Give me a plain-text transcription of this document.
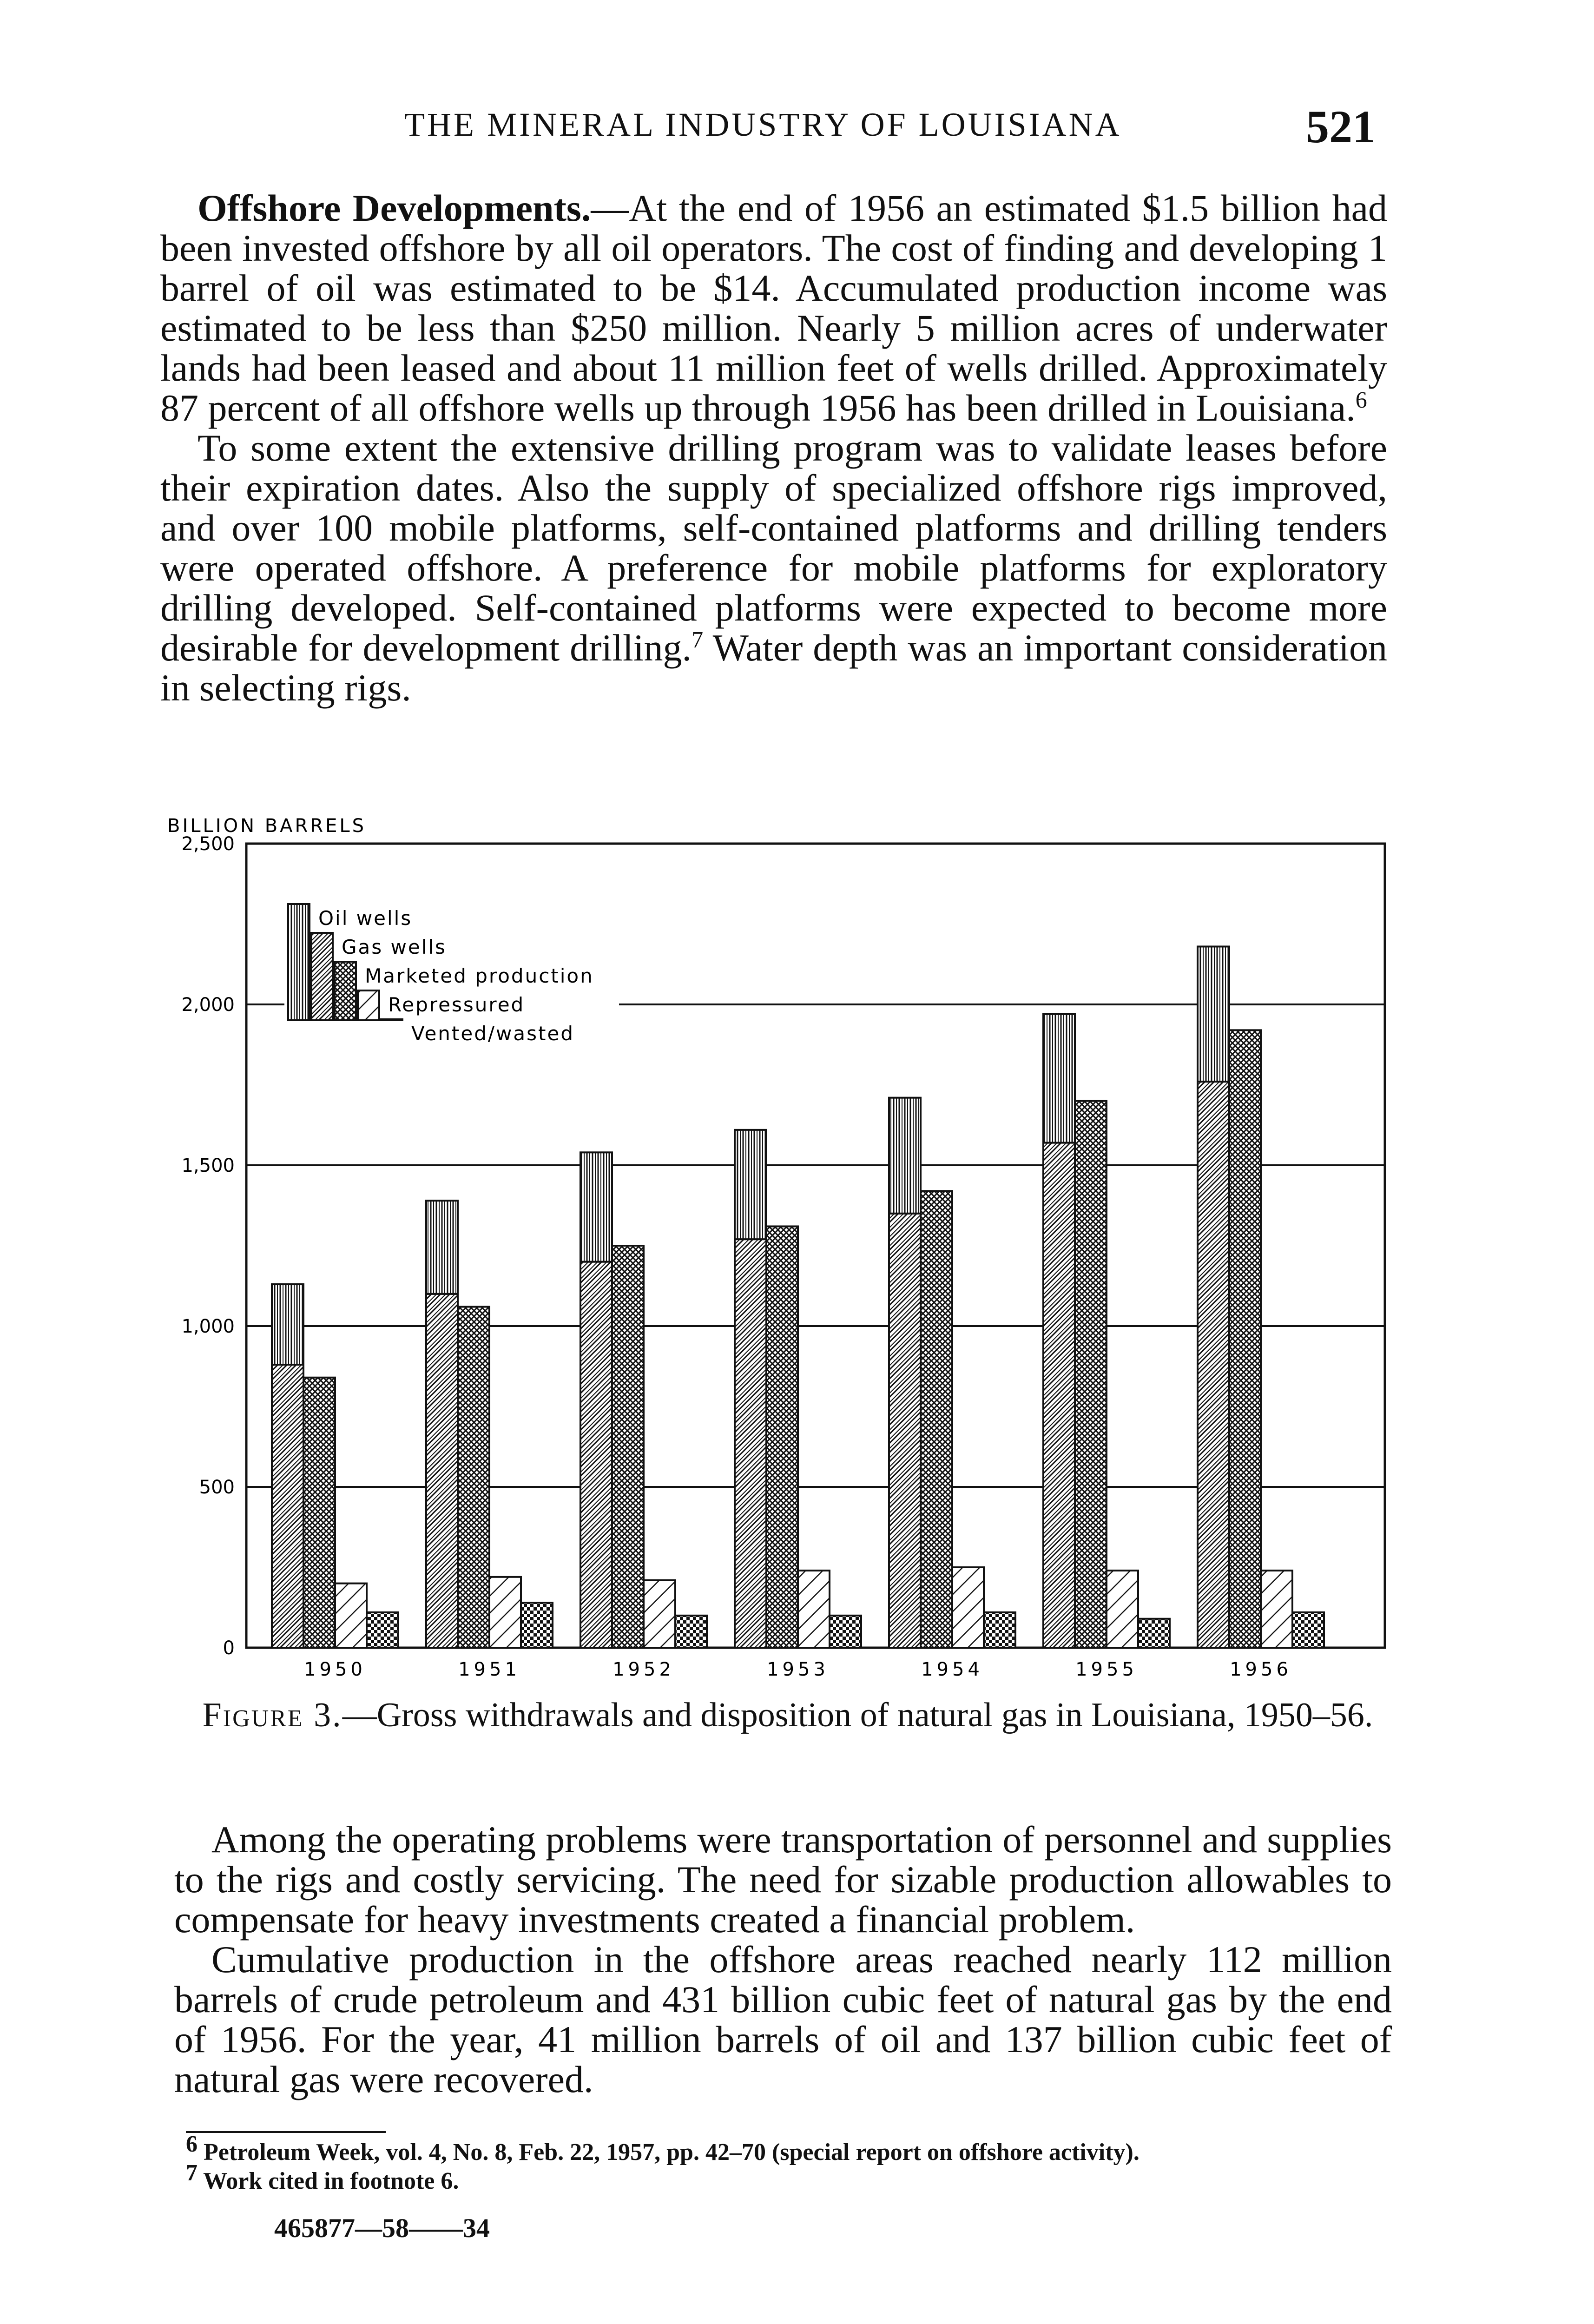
THE MINERAL INDUSTRY OF LOUISIANA	521

Offshore Developments.—At the end of 1956 an estimated $1.5 billion had been invested offshore by all oil operators. The cost of finding and developing 1 barrel of oil was estimated to be $14. Accumulated production income was estimated to be less than $250 million. Nearly 5 million acres of underwater lands had been leased and about 11 million feet of wells drilled. Approximately 87 percent of all offshore wells up through 1956 has been drilled in Louisiana.$^6$

To some extent the extensive drilling program was to validate leases before their expiration dates. Also the supply of specialized offshore rigs improved, and over 100 mobile platforms, self-contained platforms and drilling tenders were operated offshore. A preference for mobile platforms for exploratory drilling developed. Self-contained platforms were expected to become more desirable for development drilling.$^7$ Water depth was an important consideration in selecting rigs.

BILLION BARRELS
0
500
1,000
1,500
2,000
2,500
1950	1951	1952	1953	1954	1955	1956
Oil wells
Gas wells
Marketed production
Repressured
Vented/wasted
Figure 3.—Gross withdrawals and disposition of natural gas in Louisiana, 1950–56.

Among the operating problems were transportation of personnel and supplies to the rigs and costly servicing. The need for sizable production allowables to compensate for heavy investments created a financial problem.

Cumulative production in the offshore areas reached nearly 112 million barrels of crude petroleum and 431 billion cubic feet of natural gas by the end of 1956. For the year, 41 million barrels of oil and 137 billion cubic feet of natural gas were recovered.

$^6$ Petroleum Week, vol. 4, No. 8, Feb. 22, 1957, pp. 42–70 (special report on offshore activity).
$^7$ Work cited in footnote 6.
465877—58——34
